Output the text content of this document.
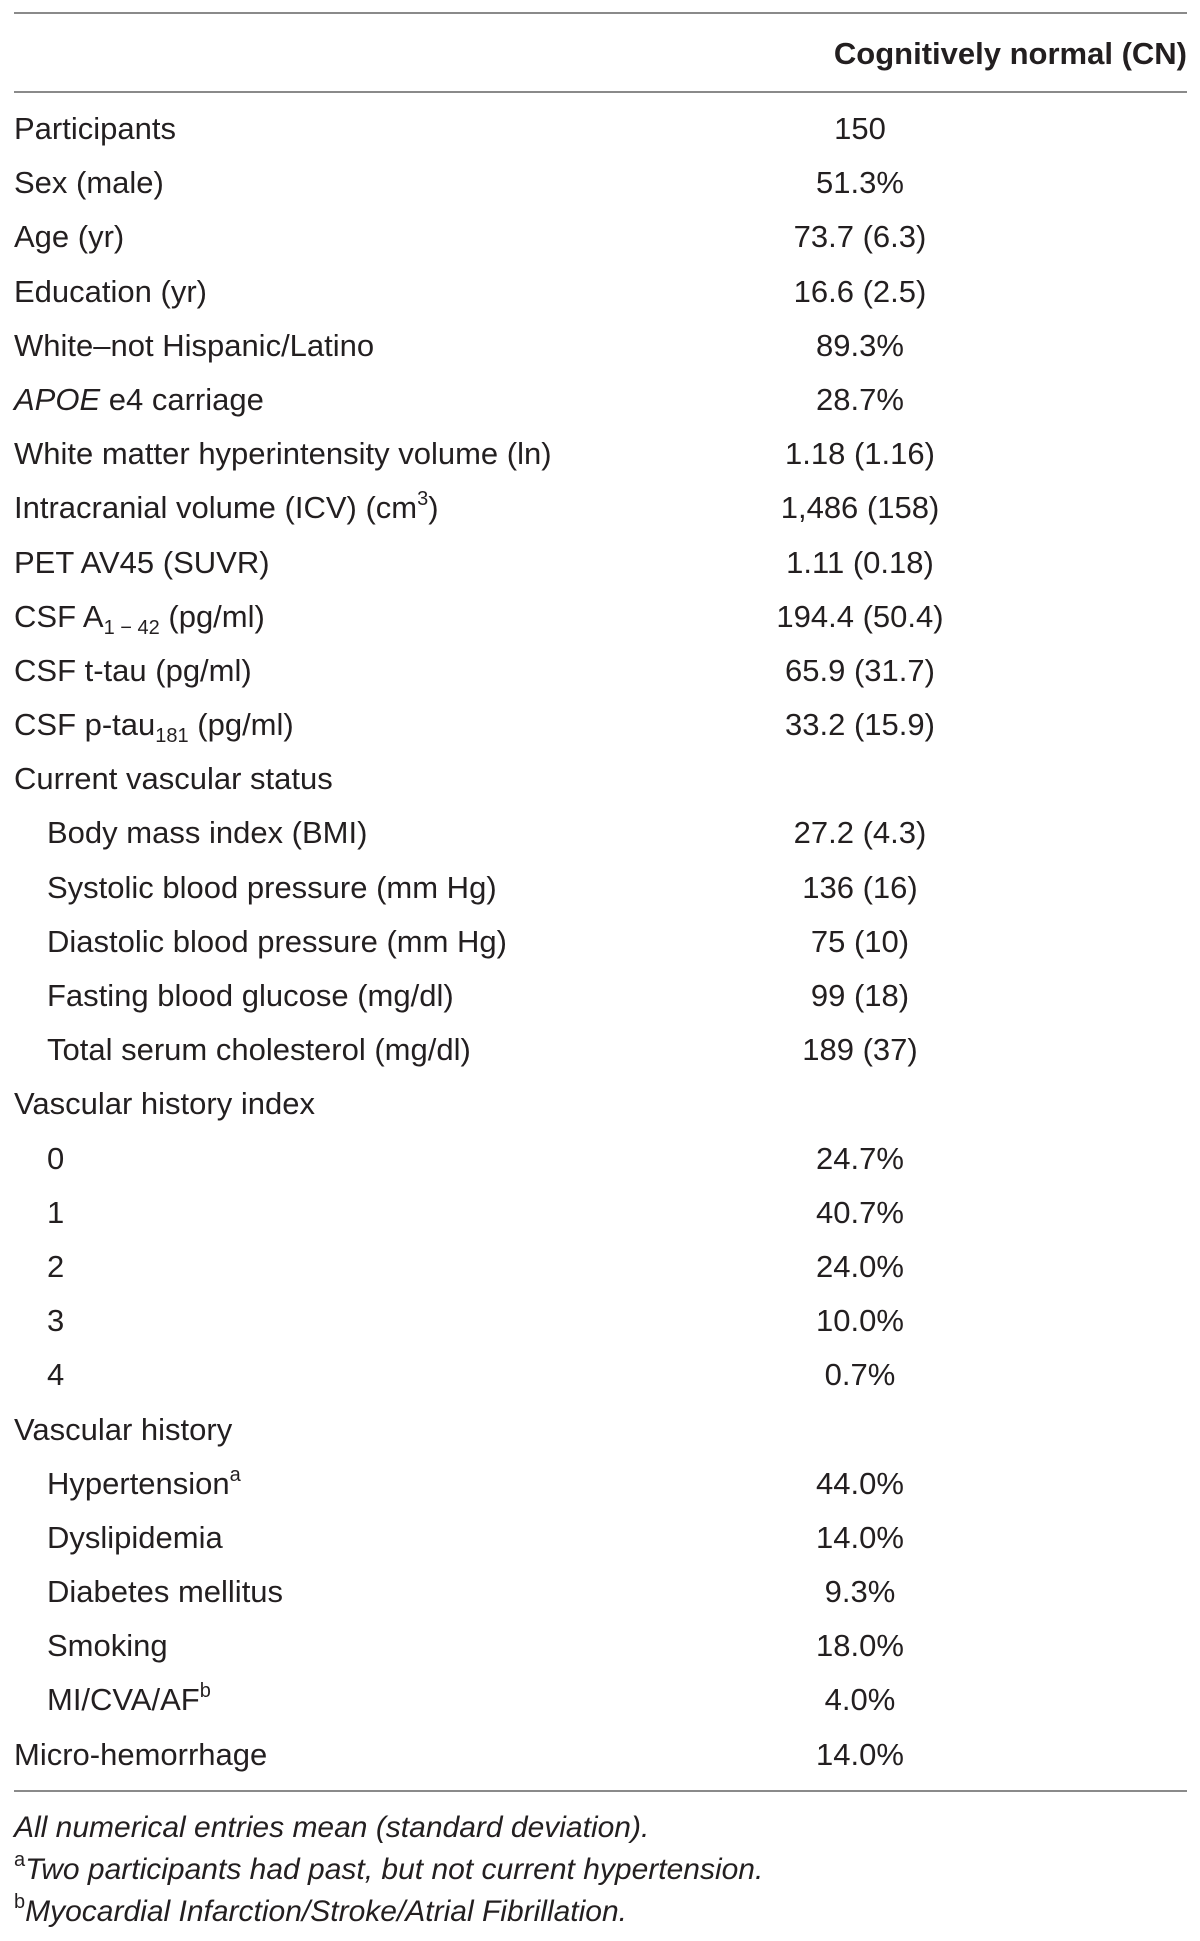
Cognitively normal (CN)
Participants	150
Sex (male)	51.3%
Age (yr)	73.7 (6.3)
Education (yr)	16.6 (2.5)
White–not Hispanic/Latino	89.3%
APOE e4 carriage	28.7%
White matter hyperintensity volume (ln)	1.18 (1.16)
Intracranial volume (ICV) $(cm^3)$	1,486 (158)
PET AV45 (SUVR)	1.11 (0.18)
CSF $A_{1 - 42}$ (pg/ml)	194.4 (50.4)
CSF t-tau (pg/ml)	65.9 (31.7)
CSF p-tau$_{181}$ (pg/ml)	33.2 (15.9)
Current vascular status
Body mass index (BMI)	27.2 (4.3)
Systolic blood pressure (mm Hg)	136 (16)
Diastolic blood pressure (mm Hg)	75 (10)
Fasting blood glucose (mg/dl)	99 (18)
Total serum cholesterol (mg/dl)	189 (37)
Vascular history index
0	24.7%
1	40.7%
2	24.0%
3	10.0%
4	0.7%
Vascular history
Hypertension$^a$	44.0%
Dyslipidemia	14.0%
Diabetes mellitus	9.3%
Smoking	18.0%
$MI/CVA/AF^b$	4.0%
Micro-hemorrhage	14.0%
All numerical entries mean (standard deviation).
$^a$Two participants had past, but not current hypertension.
$^b$Myocardial Infarction/Stroke/Atrial Fibrillation.
